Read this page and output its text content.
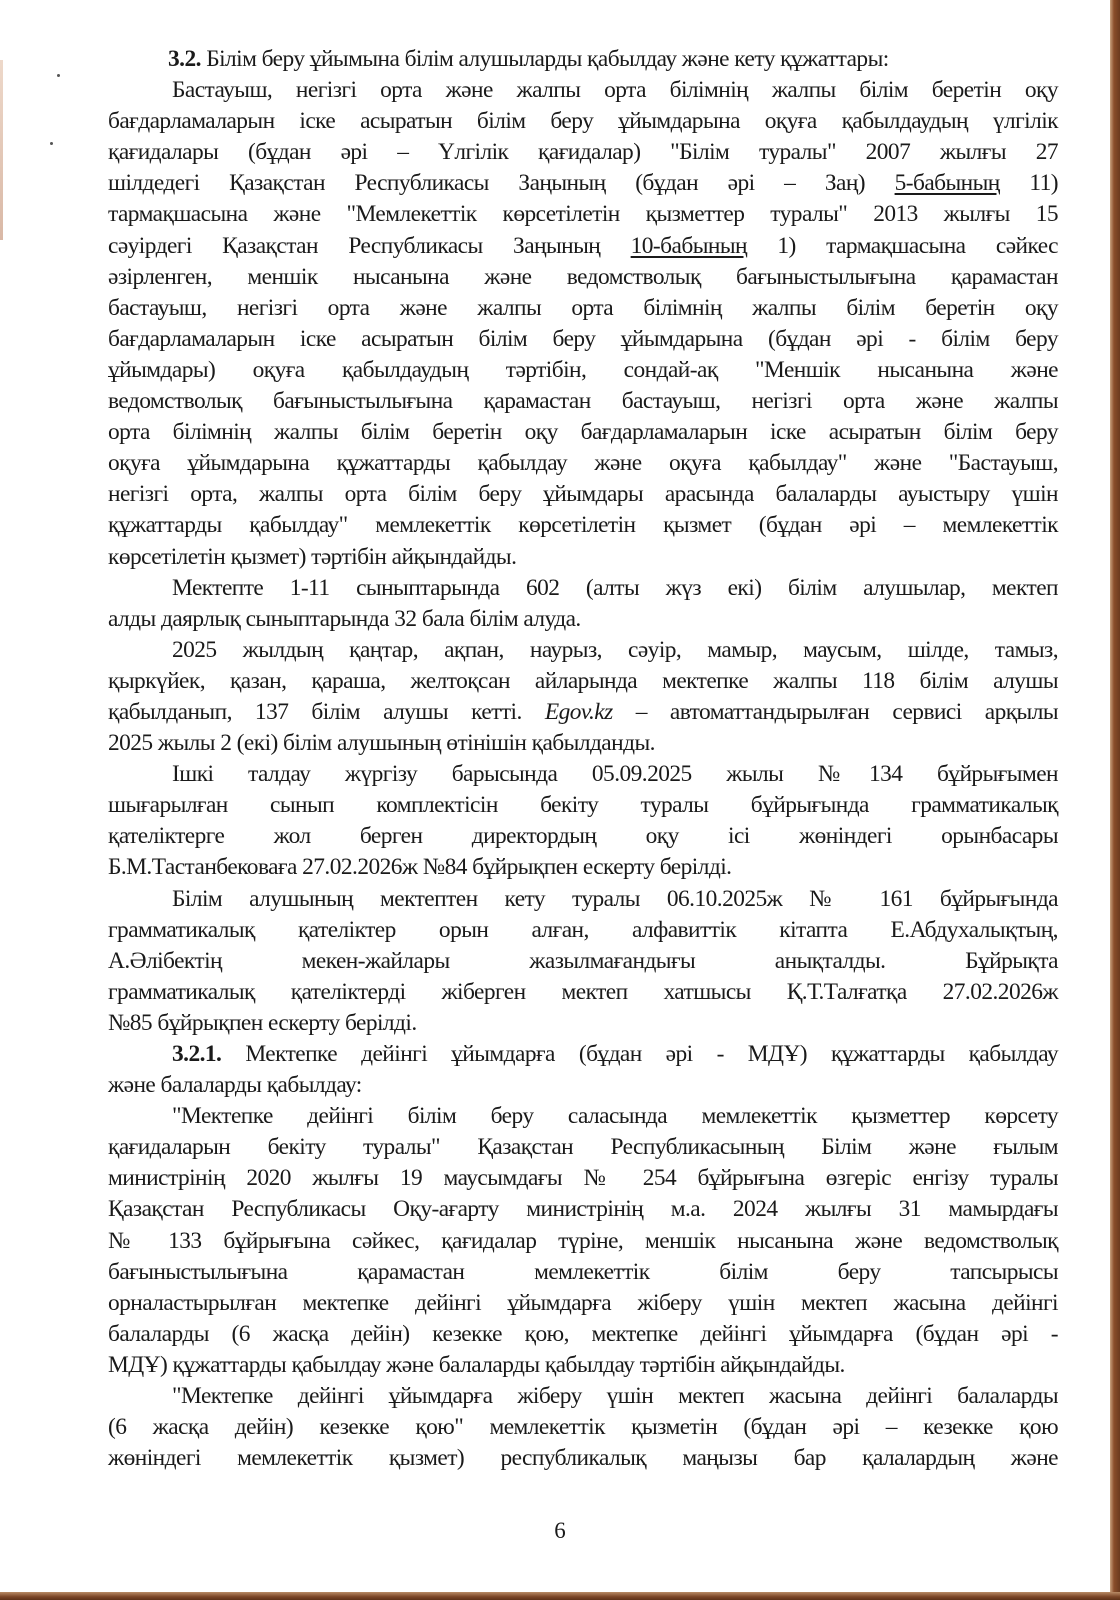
3.2. Білім беру ұйымына білім алушыларды қабылдау және кету құжаттары:
Бастауыш, негізгі орта және жалпы орта білімнің жалпы білім беретін оқу
бағдарламаларын іске асыратын білім беру ұйымдарына оқуға қабылдаудың үлгілік
қағидалары (бұдан әрі – Үлгілік қағидалар) "Білім туралы" 2007 жылғы 27
шілдедегі Қазақстан Республикасы Заңының (бұдан әрі – Заң) 5-бабының 11)
тармақшасына және "Мемлекеттік көрсетілетін қызметтер туралы" 2013 жылғы 15
сәуірдегі Қазақстан Республикасы Заңының 10-бабының 1) тармақшасына сәйкес
әзірленген, меншік нысанына және ведомстволық бағыныстылығына қарамастан
бастауыш, негізгі орта және жалпы орта білімнің жалпы білім беретін оқу
бағдарламаларын іске асыратын білім беру ұйымдарына (бұдан әрі - білім беру
ұйымдары) оқуға қабылдаудың тәртібін, сондай-ақ "Меншік нысанына және
ведомстволық бағыныстылығына қарамастан бастауыш, негізгі орта және жалпы
орта білімнің жалпы білім беретін оқу бағдарламаларын іске асыратын білім беру
оқуға ұйымдарына құжаттарды қабылдау және оқуға қабылдау" және "Бастауыш,
негізгі орта, жалпы орта білім беру ұйымдары арасында балаларды ауыстыру үшін
құжаттарды қабылдау" мемлекеттік көрсетілетін қызмет (бұдан әрі – мемлекеттік
көрсетілетін қызмет) тәртібін айқындайды.
Мектепте 1-11 сыныптарында 602 (алты жүз екі) білім алушылар, мектеп
алды даярлық сыныптарында 32 бала білім алуда.
2025 жылдың қаңтар, ақпан, наурыз, сәуір, мамыр, маусым, шілде, тамыз,
қыркүйек, қазан, қараша, желтоқсан айларында мектепке жалпы 118 білім алушы
қабылданып, 137 білім алушы кетті. Egov.kz – автоматтандырылған сервисі арқылы
2025 жылы 2 (екі) білім алушының өтінішін қабылданды.
Ішкі талдау жүргізу барысында 05.09.2025 жылы №134 бұйрығымен
шығарылған сынып комплектісін бекіту туралы бұйрығында грамматикалық
қателіктерге жол берген директордың оқу ісі жөніндегі орынбасары
Б.М.Тастанбековаға 27.02.2026ж №84 бұйрықпен ескерту берілді.
Білім алушының мектептен кету туралы 06.10.2025ж № 161 бұйрығында
грамматикалық қателіктер орын алған, алфавиттік кітапта Е.Абдухалықтың,
А.Әлібектің мекен-жайлары жазылмағандығы анықталды. Бұйрықта
грамматикалық қателіктерді жіберген мектеп хатшысы Қ.Т.Талғатқа 27.02.2026ж
№85 бұйрықпен ескерту берілді.
3.2.1. Мектепке дейінгі ұйымдарға (бұдан әрі - МДҰ) құжаттарды қабылдау
және балаларды қабылдау:
"Мектепке дейінгі білім беру саласында мемлекеттік қызметтер көрсету
қағидаларын бекіту туралы" Қазақстан Республикасының Білім және ғылым
министрінің 2020 жылғы 19 маусымдағы № 254 бұйрығына өзгеріс енгізу туралы
Қазақстан Республикасы Оқу-ағарту министрінің м.а. 2024 жылғы 31 мамырдағы
№ 133 бұйрығына сәйкес, қағидалар түріне, меншік нысанына және ведомстволық
бағыныстылығына қарамастан мемлекеттік білім беру тапсырысы
орналастырылған мектепке дейінгі ұйымдарға жіберу үшін мектеп жасына дейінгі
балаларды (6 жасқа дейін) кезекке қою, мектепке дейінгі ұйымдарға (бұдан әрі -
МДҰ) құжаттарды қабылдау және балаларды қабылдау тәртібін айқындайды.
"Мектепке дейінгі ұйымдарға жіберу үшін мектеп жасына дейінгі балаларды
(6 жасқа дейін) кезекке қою" мемлекеттік қызметін (бұдан әрі – кезекке қою
жөніндегі мемлекеттік қызмет) республикалық маңызы бар қалалардың және
6
